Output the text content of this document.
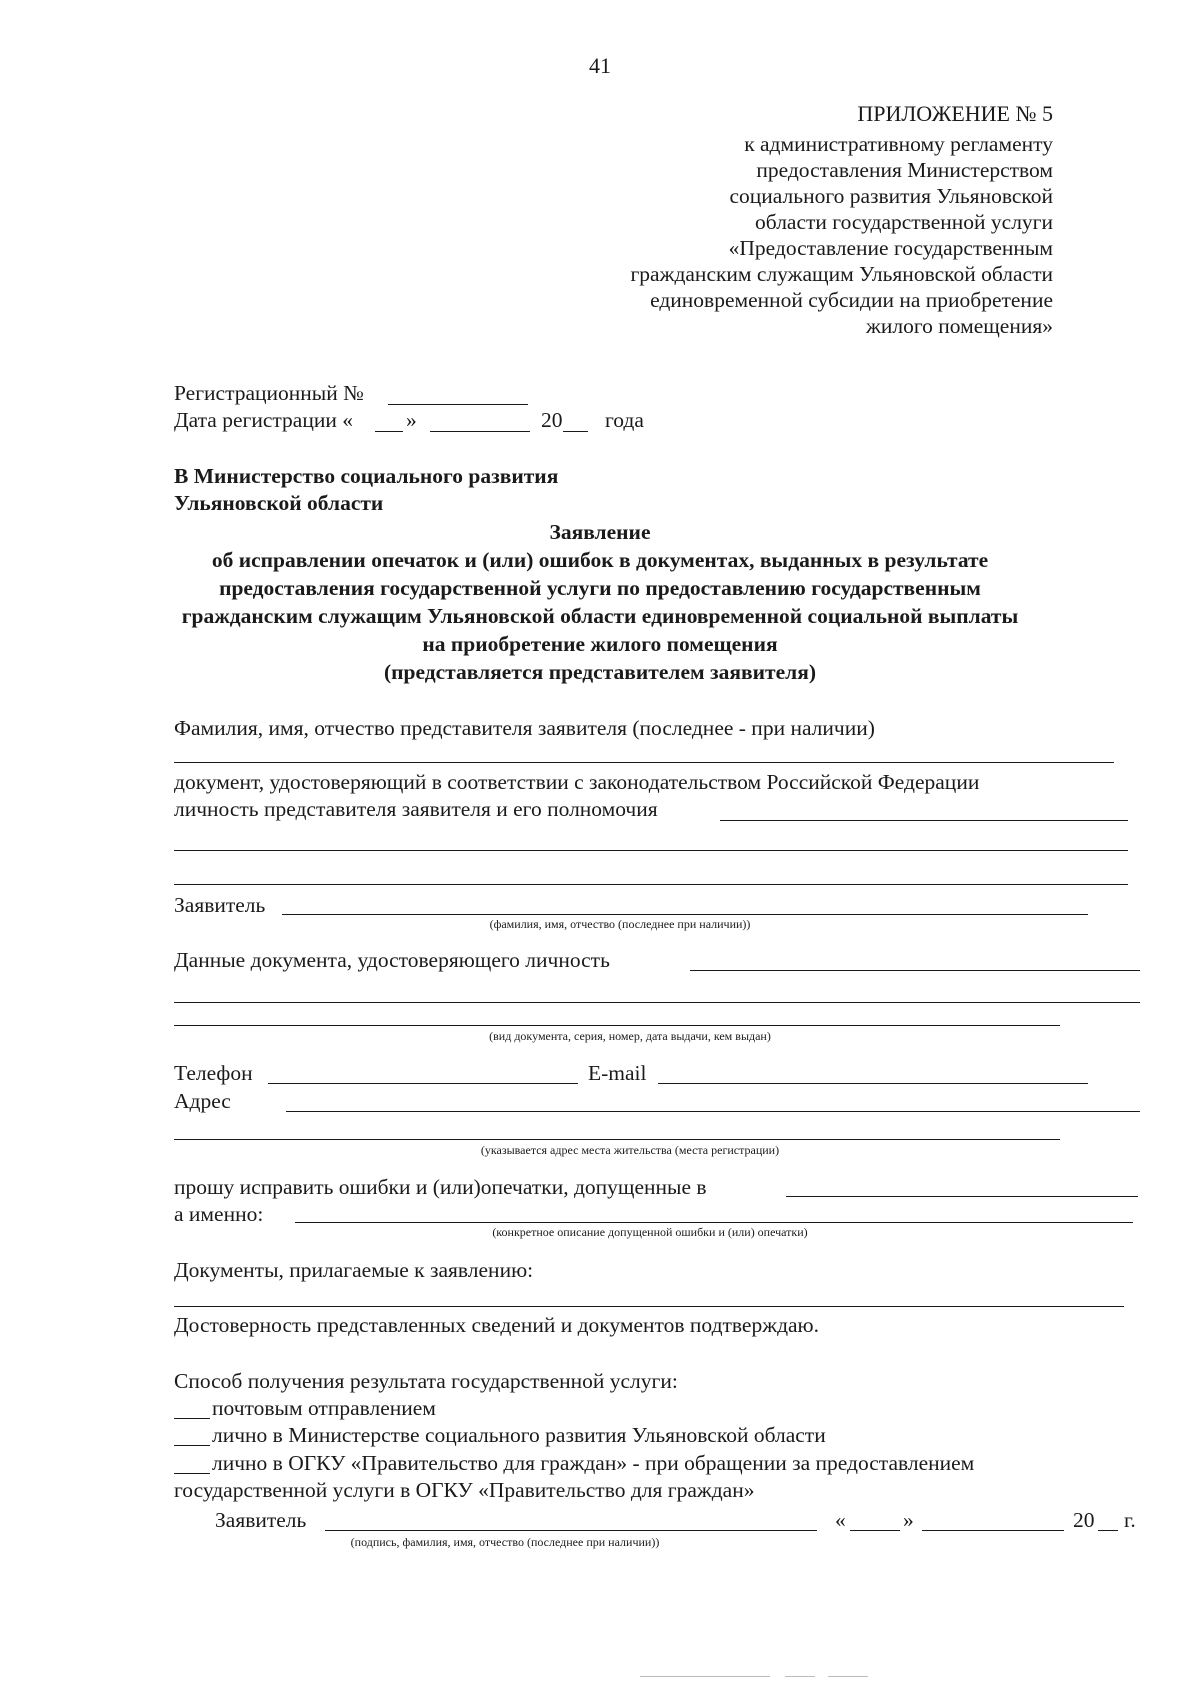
41
ПРИЛОЖЕНИЕ № 5
к административному регламенту
предоставления Министерством
социального развития Ульяновской
области государственной услуги
«Предоставление государственным
гражданским служащим Ульяновской области
единовременной субсидии на приобретение
жилого помещения»
Регистрационный №
Дата регистрации « »	20 года
В Министерство социального развития
Ульяновской области
Заявление
об исправлении опечаток и (или) ошибок в документах, выданных в результате
предоставления государственной услуги по предоставлению государственным
гражданским служащим Ульяновской области единовременной социальной выплаты
на приобретение жилого помещения
(представляется представителем заявителя)
Фамилия, имя, отчество представителя заявителя (последнее - при наличии)
документ, удостоверяющий в соответствии с законодательством Российской Федерации
личность представителя заявителя и его полномочия
Заявитель
(фамилия, имя, отчество (последнее при наличии))
Данные документа, удостоверяющего личность
(вид документа, серия, номер, дата выдачи, кем выдан)
Телефон	E-mail
Адрес
(указывается адрес места жительства (места регистрации)
прошу исправить ошибки и (или)опечатки, допущенные в
а именно:
(конкретное описание допущенной ошибки и (или) опечатки)
Документы, прилагаемые к заявлению:
Достоверность представленных сведений и документов подтверждаю.
Способ получения результата государственной услуги:
почтовым отправлением
лично в Министерстве социального развития Ульяновской области
лично в ОГКУ «Правительство для граждан» - при обращении за предоставлением
государственной услуги в ОГКУ «Правительство для граждан»
Заявитель	«	»	20 г.
(подпись, фамилия, имя, отчество (последнее при наличии))
